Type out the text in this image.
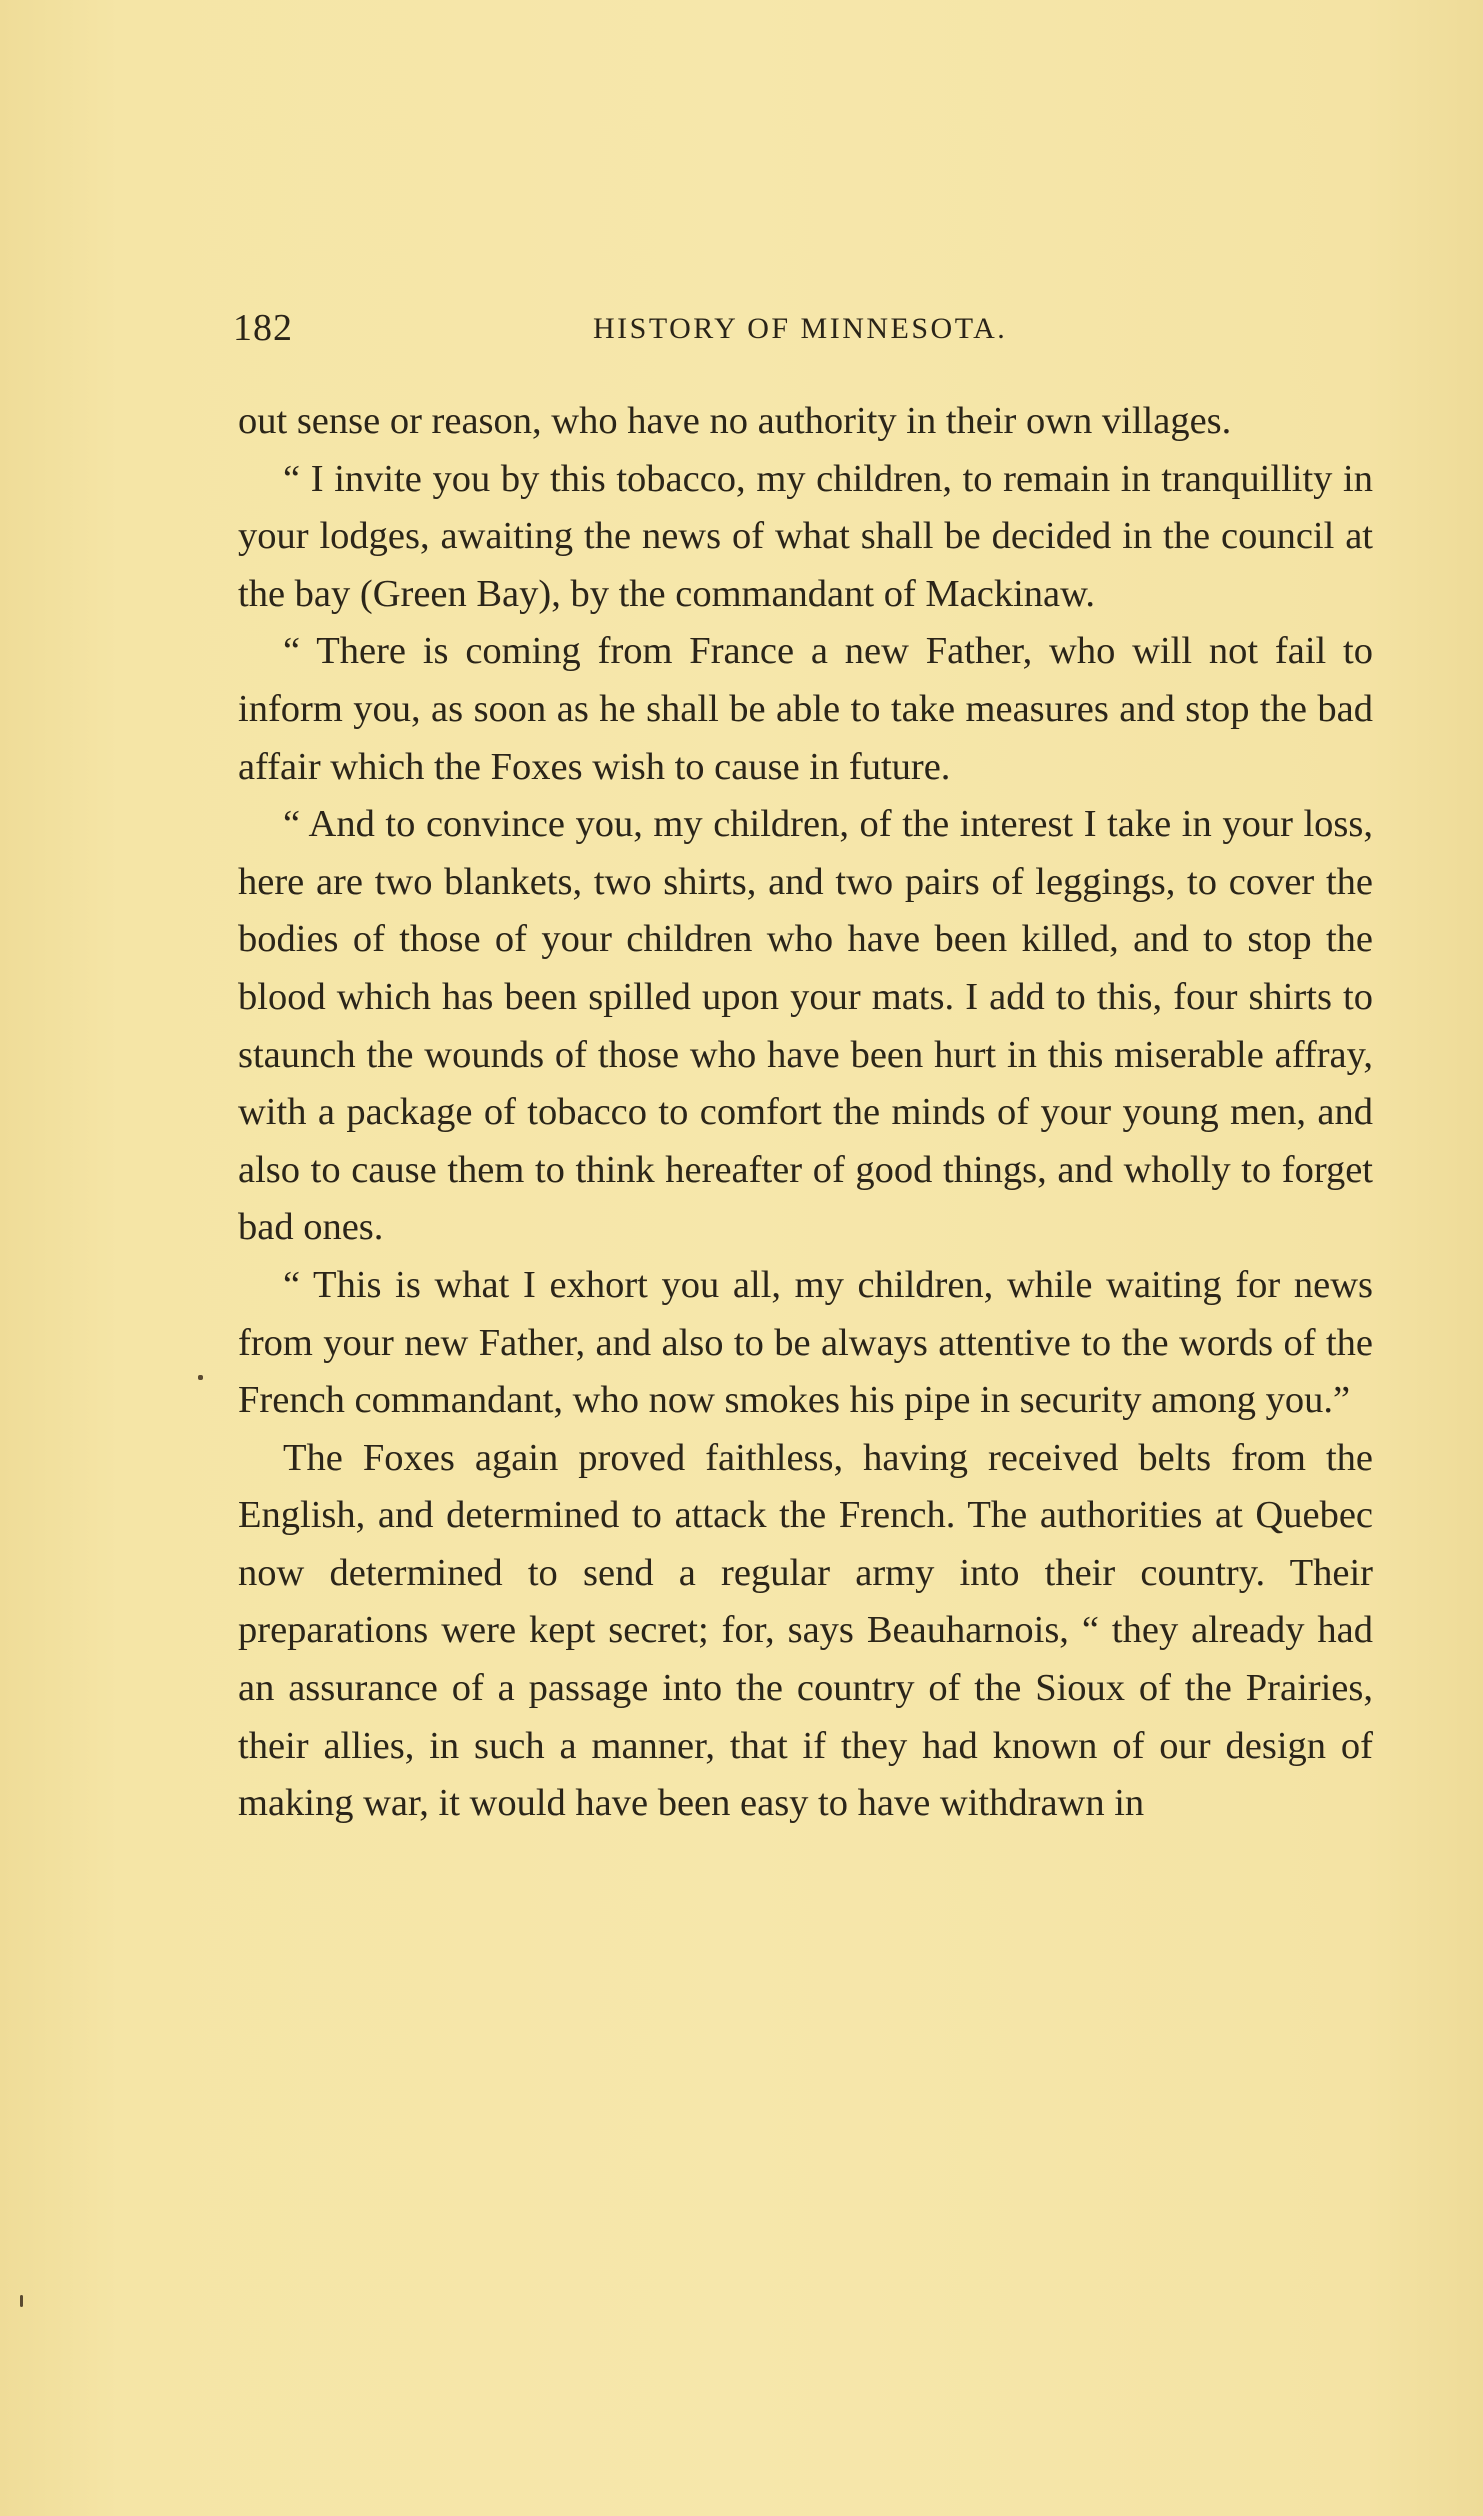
182	HISTORY OF MINNESOTA.

out sense or reason, who have no authority in their own villages.

“ I invite you by this tobacco, my children, to remain in tranquillity in your lodges, awaiting the news of what shall be decided in the council at the bay (Green Bay), by the commandant of Mackinaw.

“ There is coming from France a new Father, who will not fail to inform you, as soon as he shall be able to take measures and stop the bad affair which the Foxes wish to cause in future.

“ And to convince you, my children, of the interest I take in your loss, here are two blankets, two shirts, and two pairs of leggings, to cover the bodies of those of your children who have been killed, and to stop the blood which has been spilled upon your mats. I add to this, four shirts to staunch the wounds of those who have been hurt in this miserable affray, with a package of tobacco to comfort the minds of your young men, and also to cause them to think hereafter of good things, and wholly to forget bad ones.

“ This is what I exhort you all, my children, while waiting for news from your new Father, and also to be always attentive to the words of the French commandant, who now smokes his pipe in security among you.”

The Foxes again proved faithless, having received belts from the English, and determined to attack the French. The authorities at Quebec now determined to send a regular army into their country. Their preparations were kept secret; for, says Beauharnois, “ they already had an assurance of a passage into the country of the Sioux of the Prairies, their allies, in such a manner, that if they had known of our design of making war, it would have been easy to have withdrawn in
